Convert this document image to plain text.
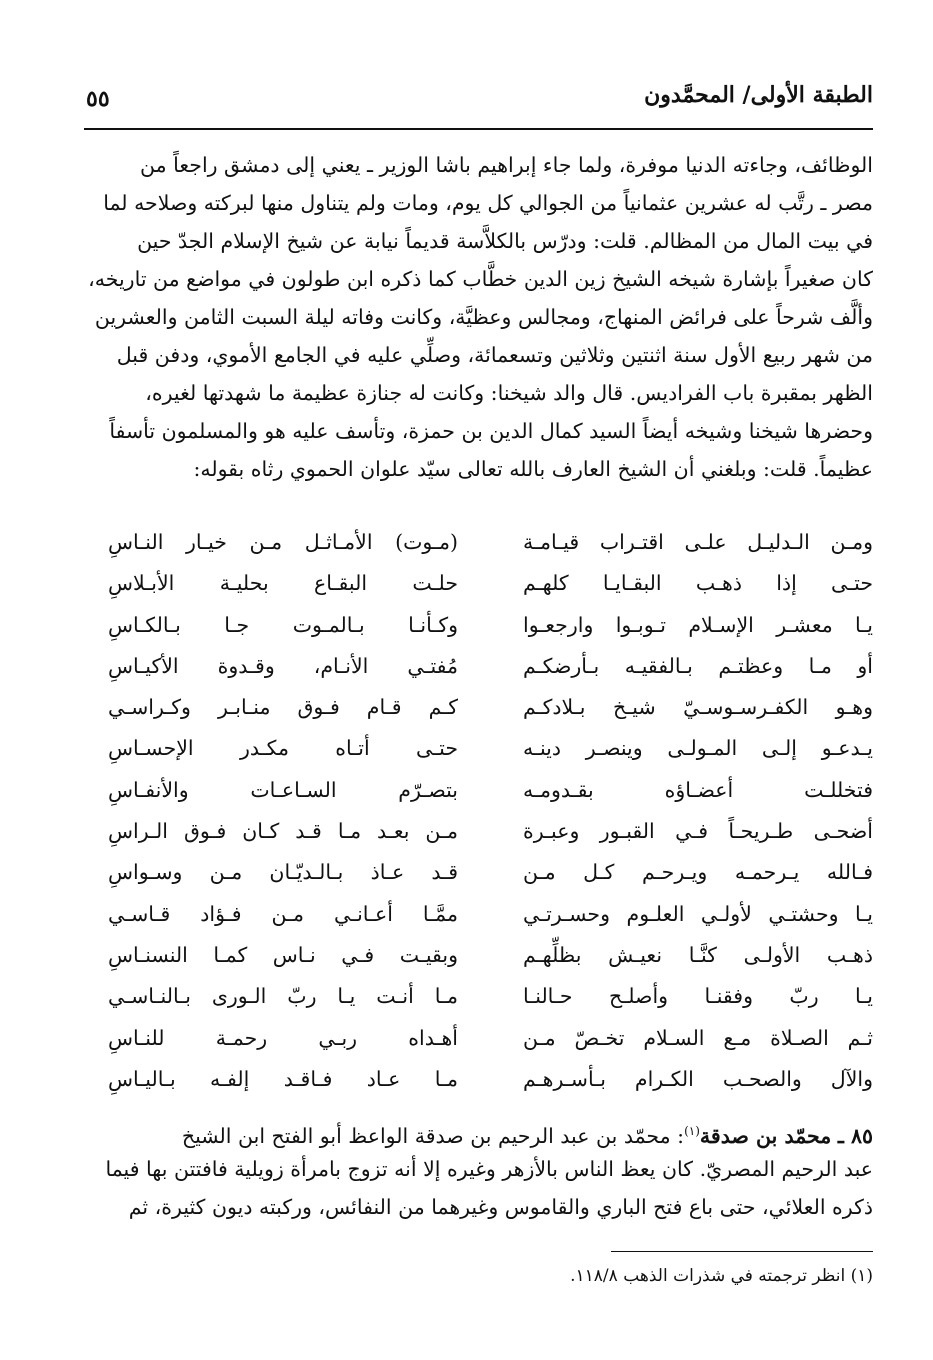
الطبقة الأولى/ المحمَّدون
٥٥
الوظائف، وجاءته الدنيا موفرة، ولما جاء إبراهيم باشا الوزير ـ يعني إلى دمشق راجعاً من
مصر ـ رتَّب له عشرين عثمانياً من الجوالي كل يوم، ومات ولم يتناول منها لبركته وصلاحه لما
في بيت المال من المظالم. قلت: ودرّس بالكلاَّسة قديماً نيابة عن شيخ الإسلام الجدّ حين
كان صغيراً بإشارة شيخه الشيخ زين الدين خطَّاب كما ذكره ابن طولون في مواضع من تاريخه،
وألَّف شرحاً على فرائض المنهاج، ومجالس وعظيَّة، وكانت وفاته ليلة السبت الثامن والعشرين
من شهر ربيع الأول سنة اثنتين وثلاثين وتسعمائة، وصلِّي عليه في الجامع الأموي، ودفن قبل
الظهر بمقبرة باب الفراديس. قال والد شيخنا: وكانت له جنازة عظيمة ما شهدتها لغيره،
وحضرها شيخنا وشيخه أيضاً السيد كمال الدين بن حمزة، وتأسف عليه هو والمسلمون تأسفاً
عظيماً. قلت: وبلغني أن الشيخ العارف بالله تعالى سيّد علوان الحموي رثاه بقوله:
ومـن الـدليـل علـى اقتـراب قيـامـة
(مـوت) الأمـاثـل مـن خيـار النـاسِ
حتـى إذا ذهـب البقـايـا كلهـم
حلـت البقـاع بحليـة الأبـلاسِ
يـا معشـر الإسـلام تـوبـوا وارجعـوا
وكـأنـا بـالمـوت جـا بـالكـاسِ
أو مـا وعظتـم بـالفقيـه بـأرضكـم
مُفتـي الأنـام، وقـدوة الأكيـاسِ
وهـو الكفـرسـوسـيّ شيـخ بـلادكـم
كـم قـام فـوق منـابـر وكـراسـي
يـدعـو إلـى المـولـى وينصـر دينـه
حتـى أتـاه مكـدر الإحسـاسِ
فتخللـت أعضـاؤه بقـدومـه
بتصـرّم السـاعـات والأنفـاسِ
أضحـى طـريحـاً فـي القبـور وعبـرة
مـن بعـد مـا قـد كـان فـوق الـراسِ
فـالله يـرحمـه ويـرحـم كـل مـن
قـد عـاذ بـالـديّـان مـن وسـواسِ
يـا وحشتـي لأولـي العلـوم وحسـرتـي
ممَّـا أعـانـي مـن فـؤاد قـاسـي
ذهـب الأولـى كنَّـا نعيـش بظلِّهـم
وبقيـت فـي نـاس كمـا النسنـاسِ
يـا ربّ وفقنـا وأصلـح حـالنـا
مـا أنـت يـا ربّ الـورى بـالنـاسـي
ثـم الصـلاة مـع السـلام تخـصّ مـن
أهـداه ربـي رحمـة للنـاسِ
والآل والصحـب الكـرام بـأسـرهـم
مـا عـاد فـاقـد إلفـه بـاليـاسِ
٨٥ ـ محمّد بن صدقة$^{(١)}$: محمّد بن عبد الرحيم بن صدقة الواعظ أبو الفتح ابن الشيخ
عبد الرحيم المصريّ. كان يعظ الناس بالأزهر وغيره إلا أنه تزوج بامرأة زويلية فافتتن بها فيما
ذكره العلائي، حتى باع فتح الباري والقاموس وغيرهما من النفائس، وركبته ديون كثيرة، ثم
(١) انظر ترجمته في شذرات الذهب ١١٨/٨.
